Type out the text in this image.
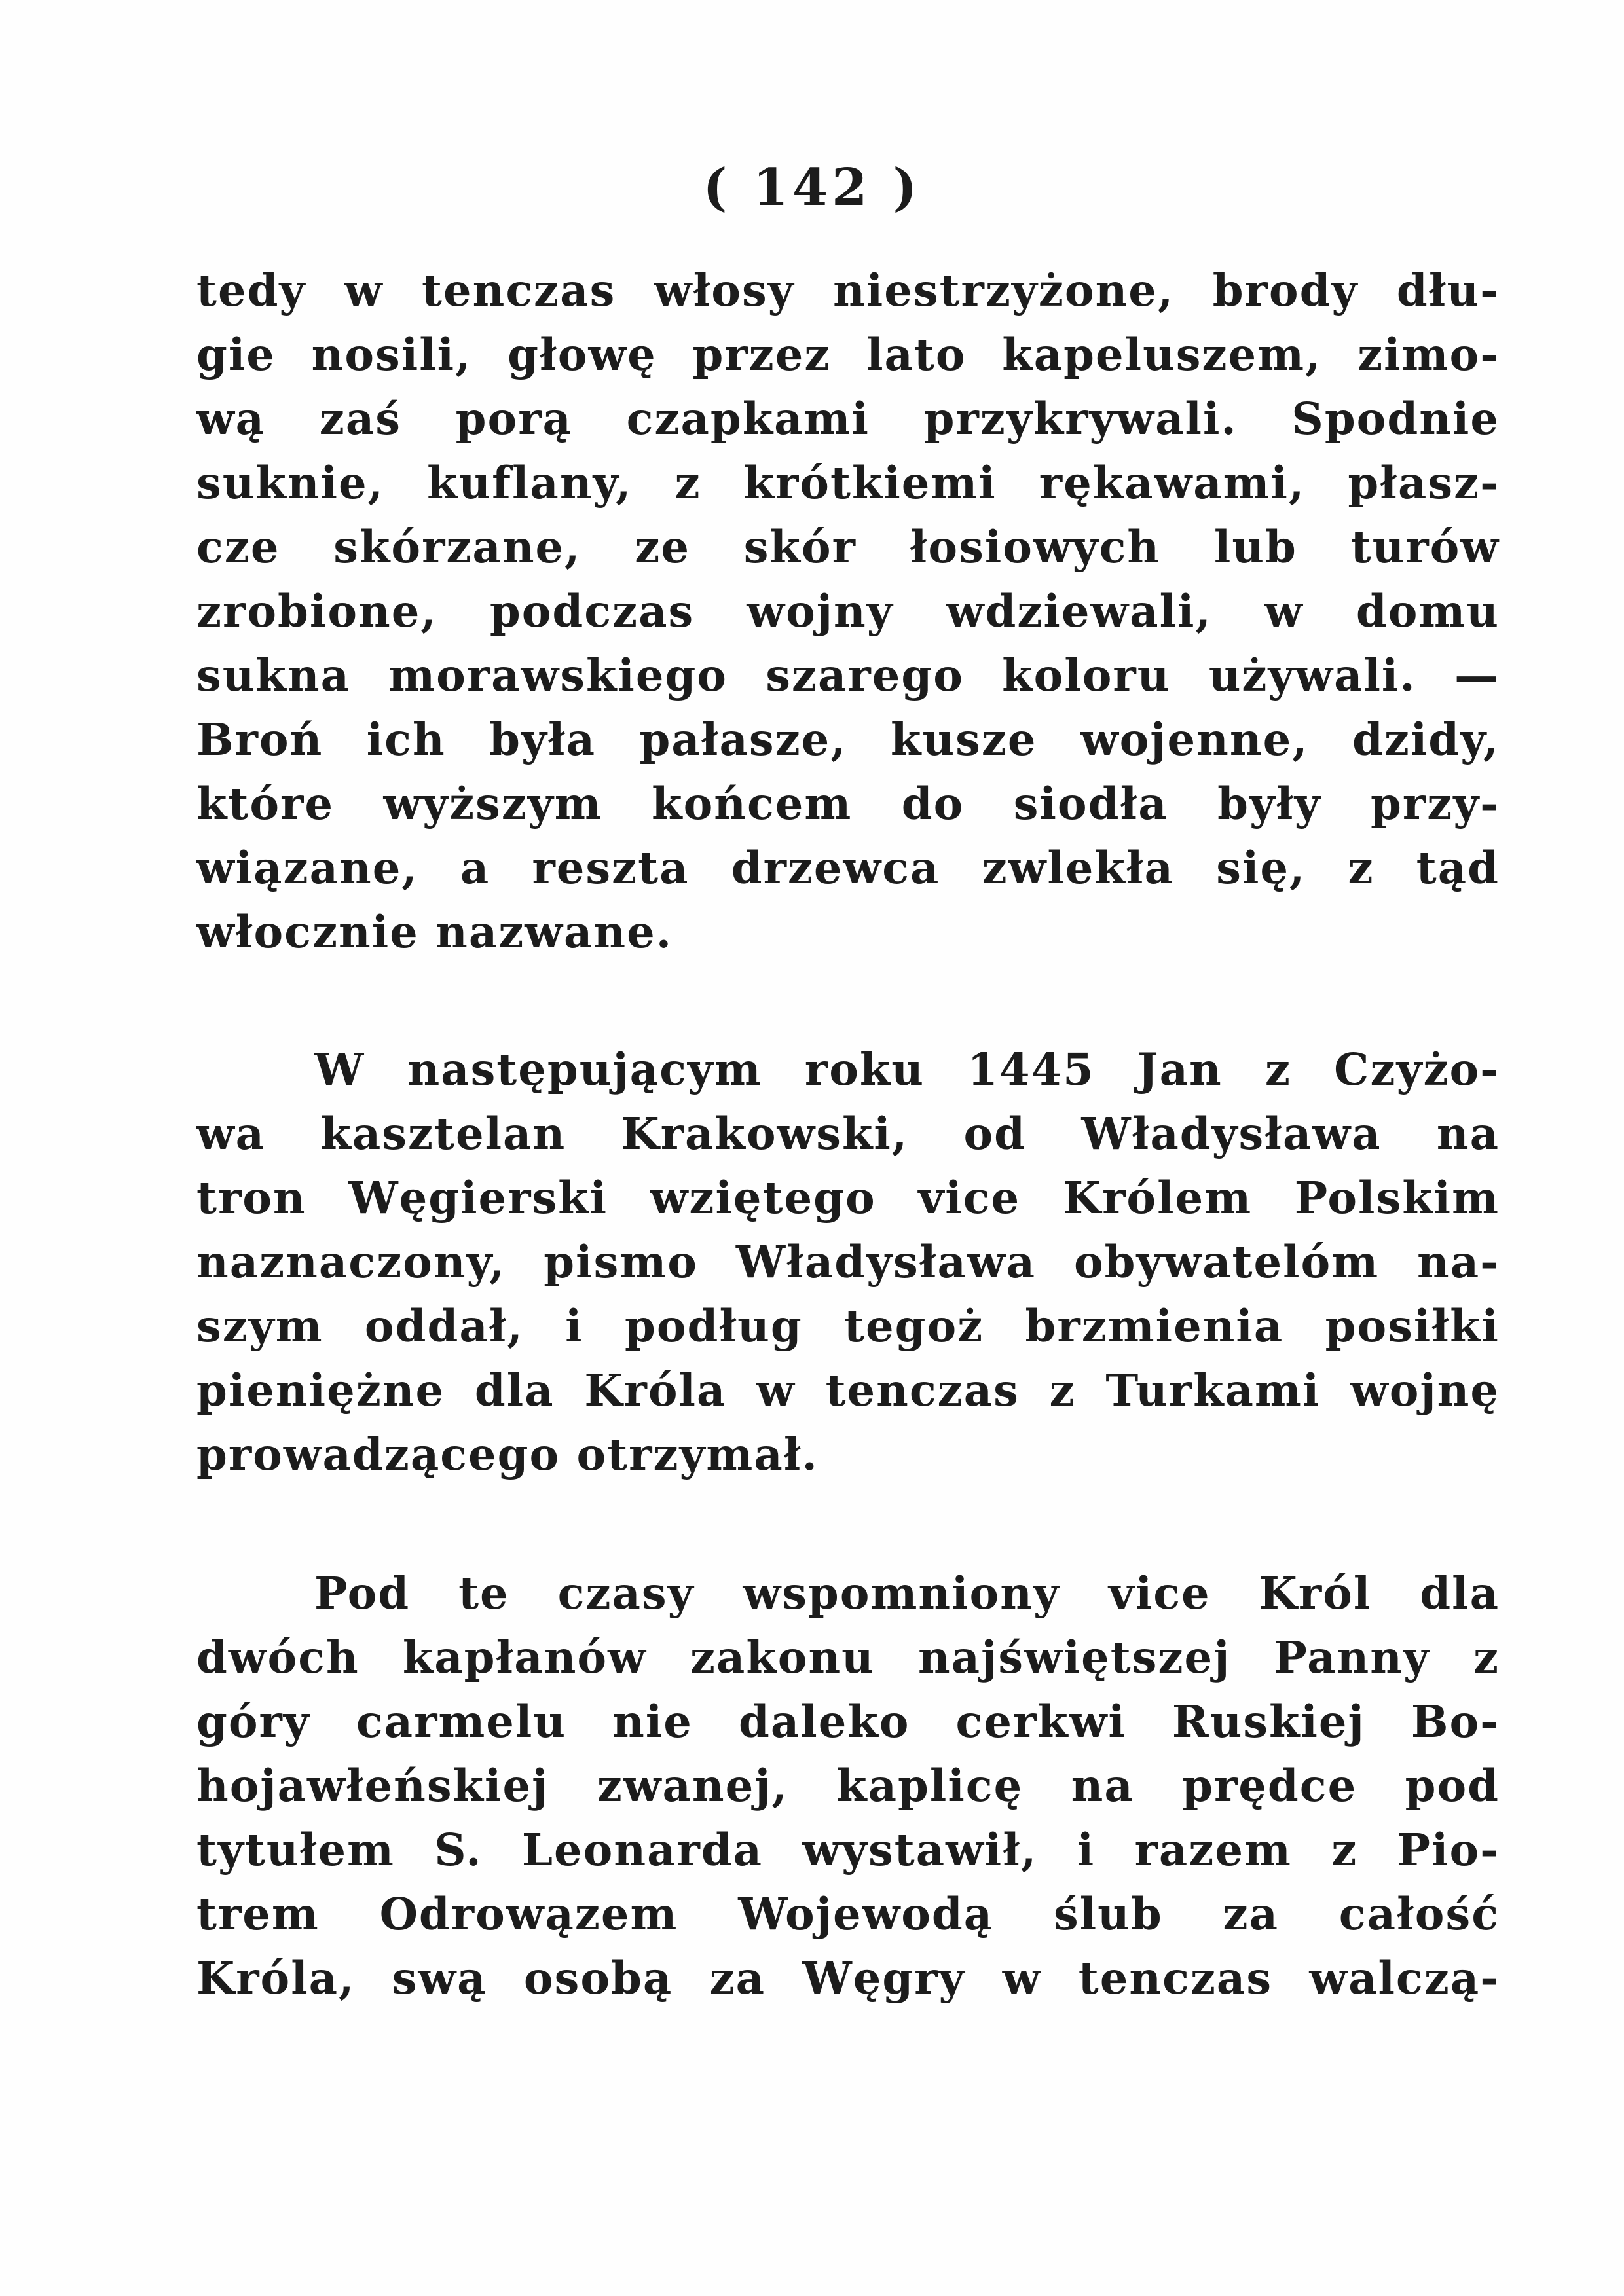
( 142 )
tedy w tenczas włosy niestrzyżone, brody dłu-
gie nosili, głowę przez lato kapeluszem, zimo-
wą zaś porą czapkami przykrywali. Spodnie
suknie, kuflany, z krótkiemi rękawami, płasz-
cze skórzane, ze skór łosiowych lub turów
zrobione, podczas wojny wdziewali, w domu
sukna morawskiego szarego koloru używali. —
Broń ich była pałasze, kusze wojenne, dzidy,
które wyższym końcem do siodła były przy-
wiązane, a reszta drzewca zwlekła się, z tąd
włocznie nazwane.
W następującym roku 1445 Jan z Czyżo-
wa kasztelan Krakowski, od Władysława na
tron Węgierski wziętego vice Królem Polskim
naznaczony, pismo Władysława obywatelóm na-
szym oddał, i podług tegoż brzmienia posiłki
pieniężne dla Króla w tenczas z Turkami wojnę
prowadzącego otrzymał.
Pod te czasy wspomniony vice Król dla
dwóch kapłanów zakonu najświętszej Panny z
góry carmelu nie daleko cerkwi Ruskiej Bo-
hojawłeńskiej zwanej, kaplicę na prędce pod
tytułem S. Leonarda wystawił, i razem z Pio-
trem Odrowązem Wojewodą ślub za całość
Króla, swą osobą za Węgry w tenczas walczą-
